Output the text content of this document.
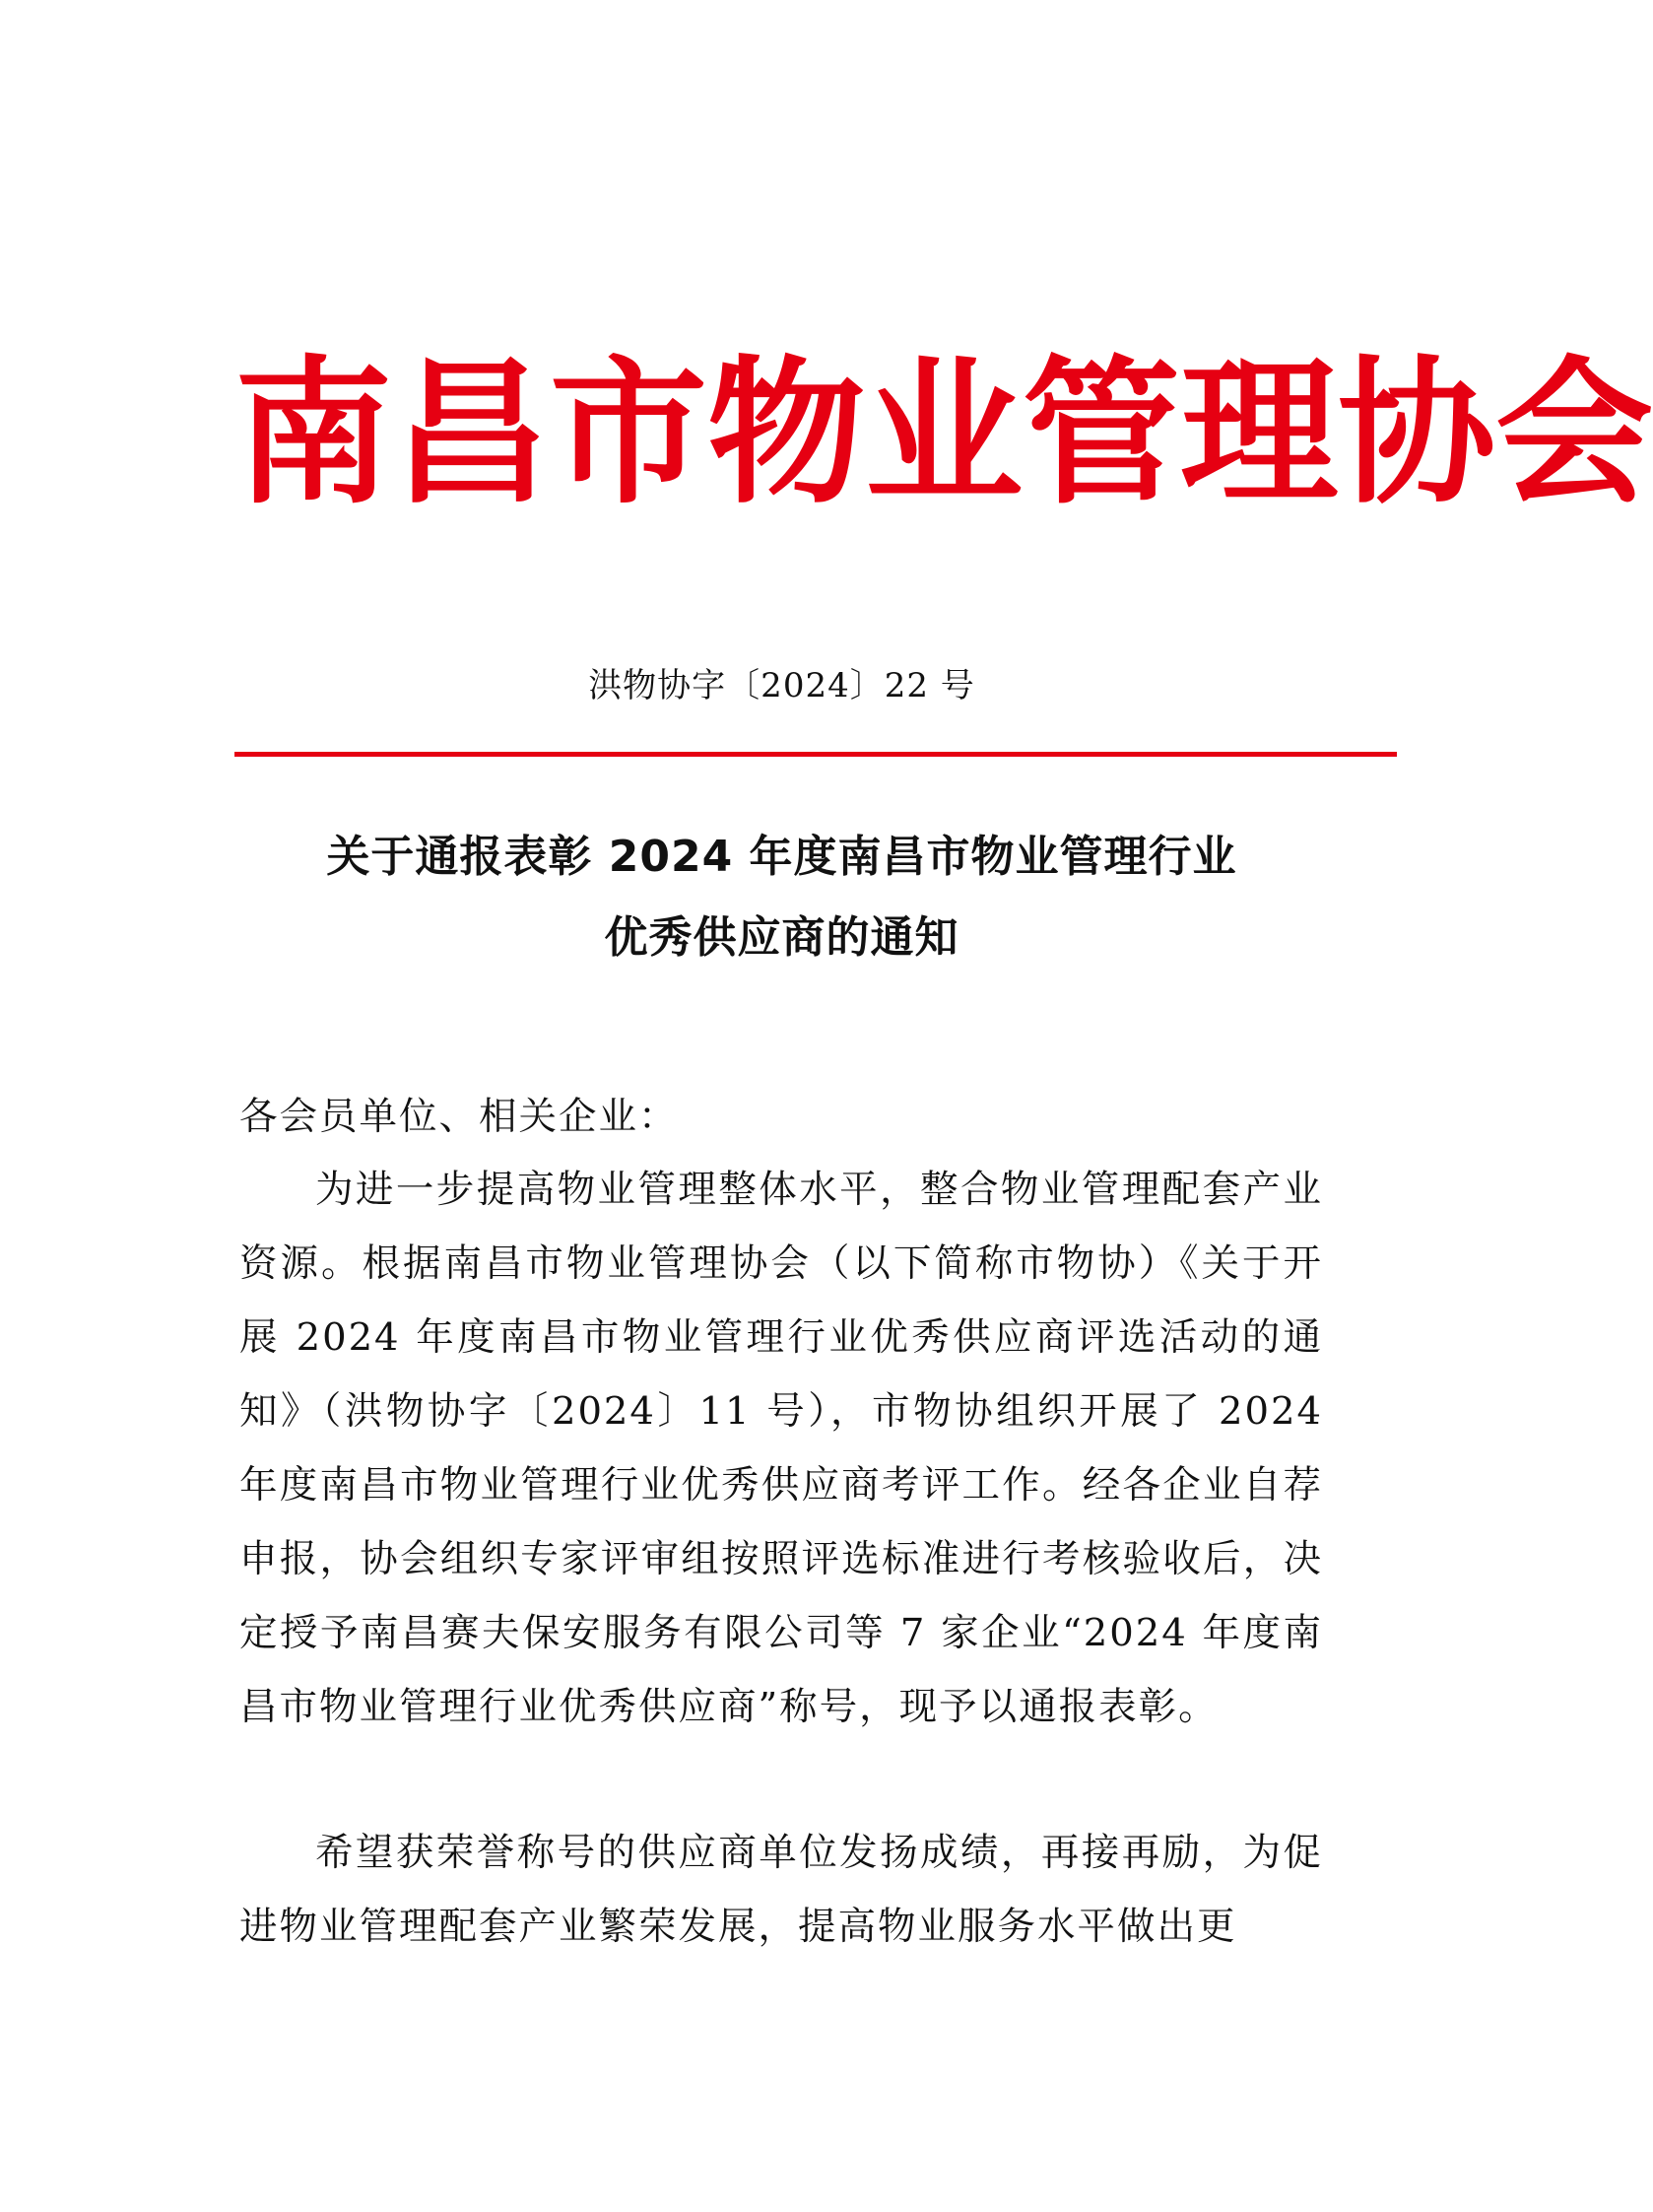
南 昌 市 物 业 管 理 协 会
洪物协字〔2024〕22 号
关于通报表彰 2024 年度南昌市物业管理行业
优秀供应商的通知
各会员单位、相关企业：
为进一步提高物业管理整体水平，整合物业管理配套产业资源。根据南昌市物业管理协会（以下简称市物协）《关于开展 2024 年度南昌市物业管理行业优秀供应商评选活动的通知》（洪物协字〔2024〕11 号），市物协组织开展了 2024 年度南昌市物业管理行业优秀供应商考评工作。经各企业自荐申报，协会组织专家评审组按照评选标准进行考核验收后，决定授予南昌赛夫保安服务有限公司等 7 家企业“2024 年度南昌市物业管理行业优秀供应商”称号，现予以通报表彰。
希望获荣誉称号的供应商单位发扬成绩，再接再励，为促进物业管理配套产业繁荣发展，提高物业服务水平做出更
